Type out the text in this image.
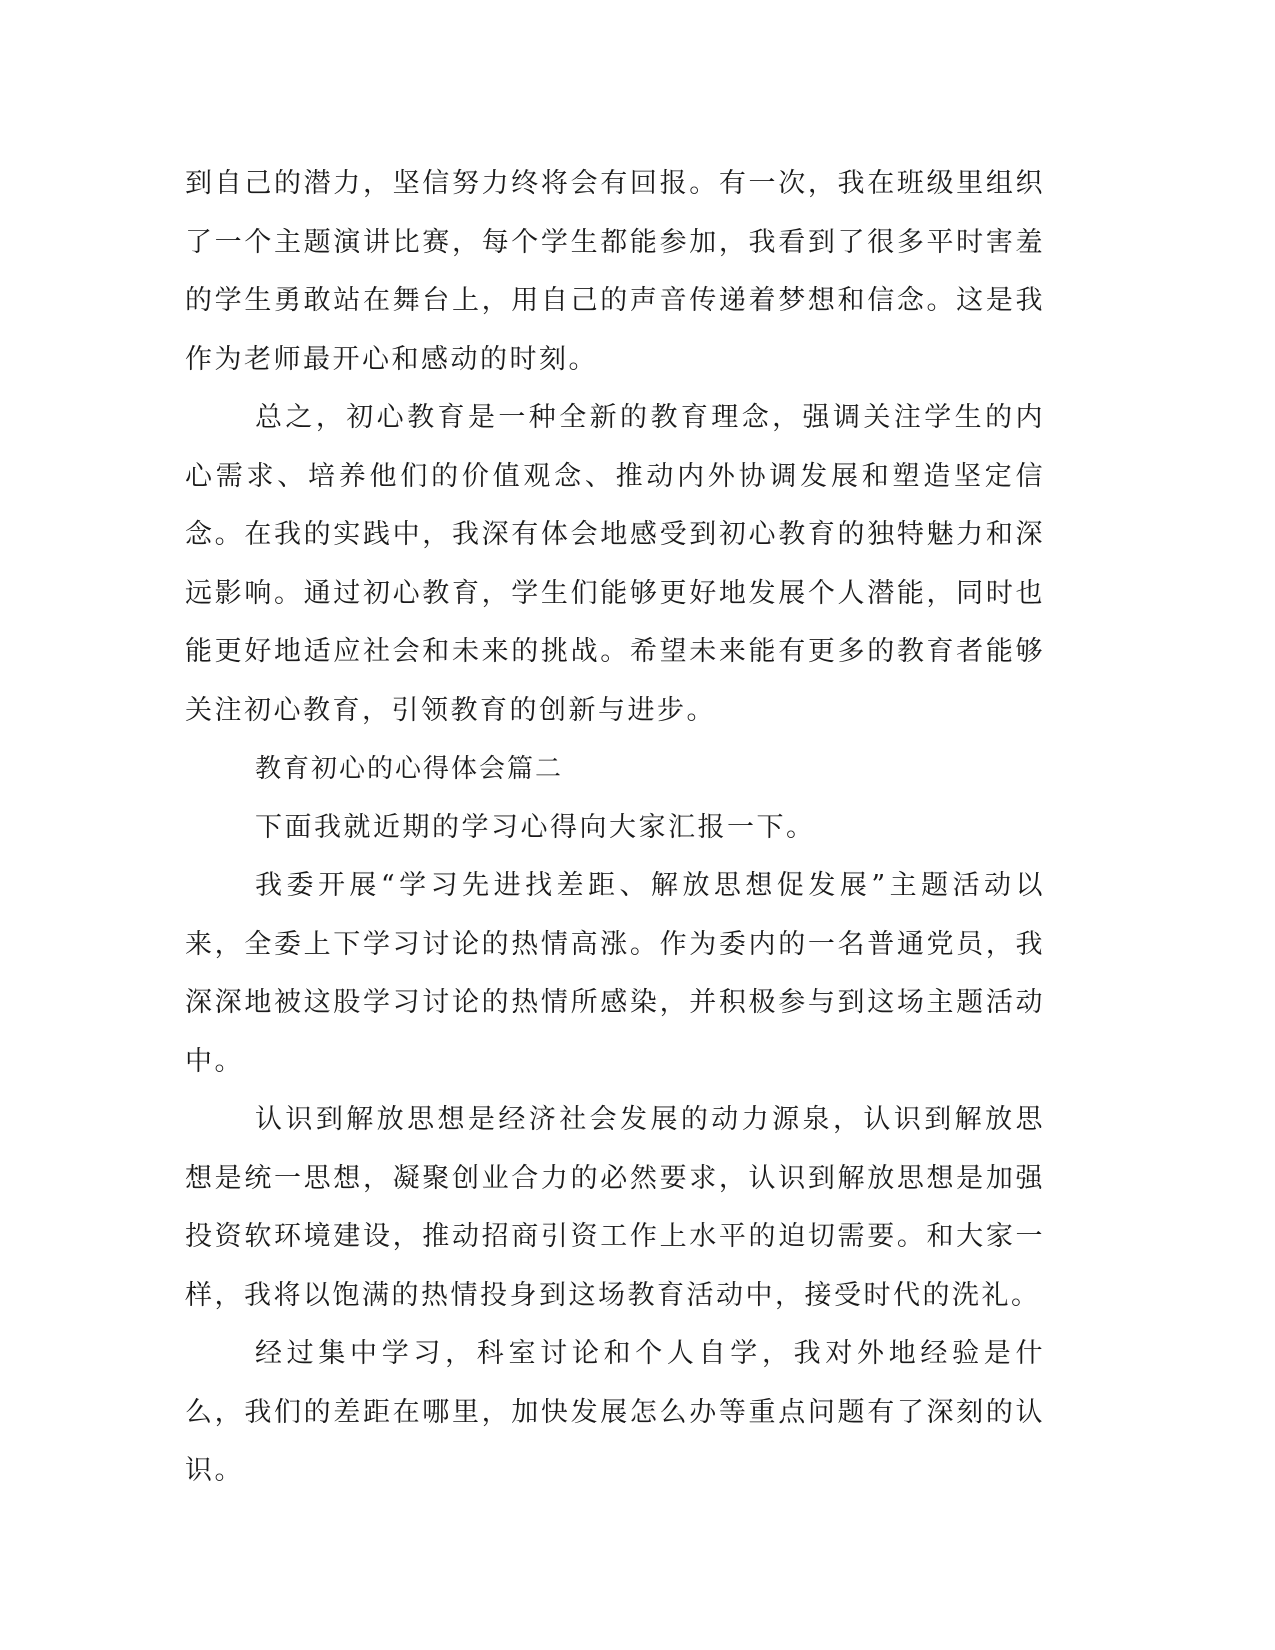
到自己的潜力，坚信努力终将会有回报。有一次，我在班级里组织了一个主题演讲比赛，每个学生都能参加，我看到了很多平时害羞的学生勇敢站在舞台上，用自己的声音传递着梦想和信念。这是我作为老师最开心和感动的时刻。

总之，初心教育是一种全新的教育理念，强调关注学生的内心需求、培养他们的价值观念、推动内外协调发展和塑造坚定信念。在我的实践中，我深有体会地感受到初心教育的独特魅力和深远影响。通过初心教育，学生们能够更好地发展个人潜能，同时也能更好地适应社会和未来的挑战。希望未来能有更多的教育者能够关注初心教育，引领教育的创新与进步。

教育初心的心得体会篇二

下面我就近期的学习心得向大家汇报一下。

我委开展“学习先进找差距、解放思想促发展”主题活动以来，全委上下学习讨论的热情高涨。作为委内的一名普通党员，我深深地被这股学习讨论的热情所感染，并积极参与到这场主题活动中。

认识到解放思想是经济社会发展的动力源泉，认识到解放思想是统一思想，凝聚创业合力的必然要求，认识到解放思想是加强投资软环境建设，推动招商引资工作上水平的迫切需要。和大家一样，我将以饱满的热情投身到这场教育活动中，接受时代的洗礼。

经过集中学习，科室讨论和个人自学，我对外地经验是什么，我们的差距在哪里，加快发展怎么办等重点问题有了深刻的认识。
